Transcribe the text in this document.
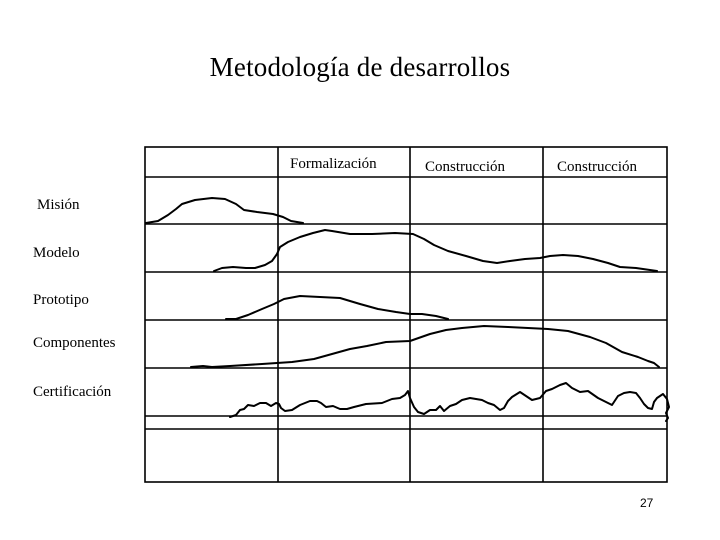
Metodología de desarrollos
Formalización	Construcción	Construcción
Misión
Modelo
Prototipo
Componentes
Certificación
27
